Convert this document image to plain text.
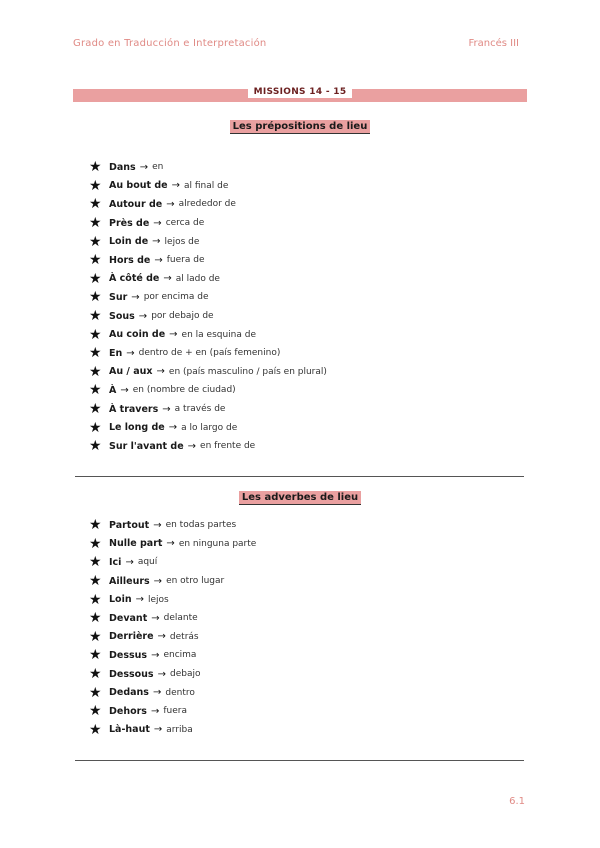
Grado en Traducción e Interpretación	Francés III
MISSIONS 14 - 15
Les prépositions de lieu
★ Dans → en
★ Au bout de → al final de
★ Autour de → alrededor de
★ Près de → cerca de
★ Loin de → lejos de
★ Hors de → fuera de
★ À côté de → al lado de
★ Sur → por encima de
★ Sous → por debajo de
★ Au coin de → en la esquina de
★ En → dentro de + en (país femenino)
★ Au / aux → en (país masculino / país en plural)
★ À → en (nombre de ciudad)
★ À travers → a través de
★ Le long de → a lo largo de
★ Sur l'avant de → en frente de
Les adverbes de lieu
★ Partout → en todas partes
★ Nulle part → en ninguna parte
★ Ici → aquí
★ Ailleurs → en otro lugar
★ Loin → lejos
★ Devant → delante
★ Derrière → detrás
★ Dessus → encima
★ Dessous → debajo
★ Dedans → dentro
★ Dehors → fuera
★ Là-haut → arriba
6.1
